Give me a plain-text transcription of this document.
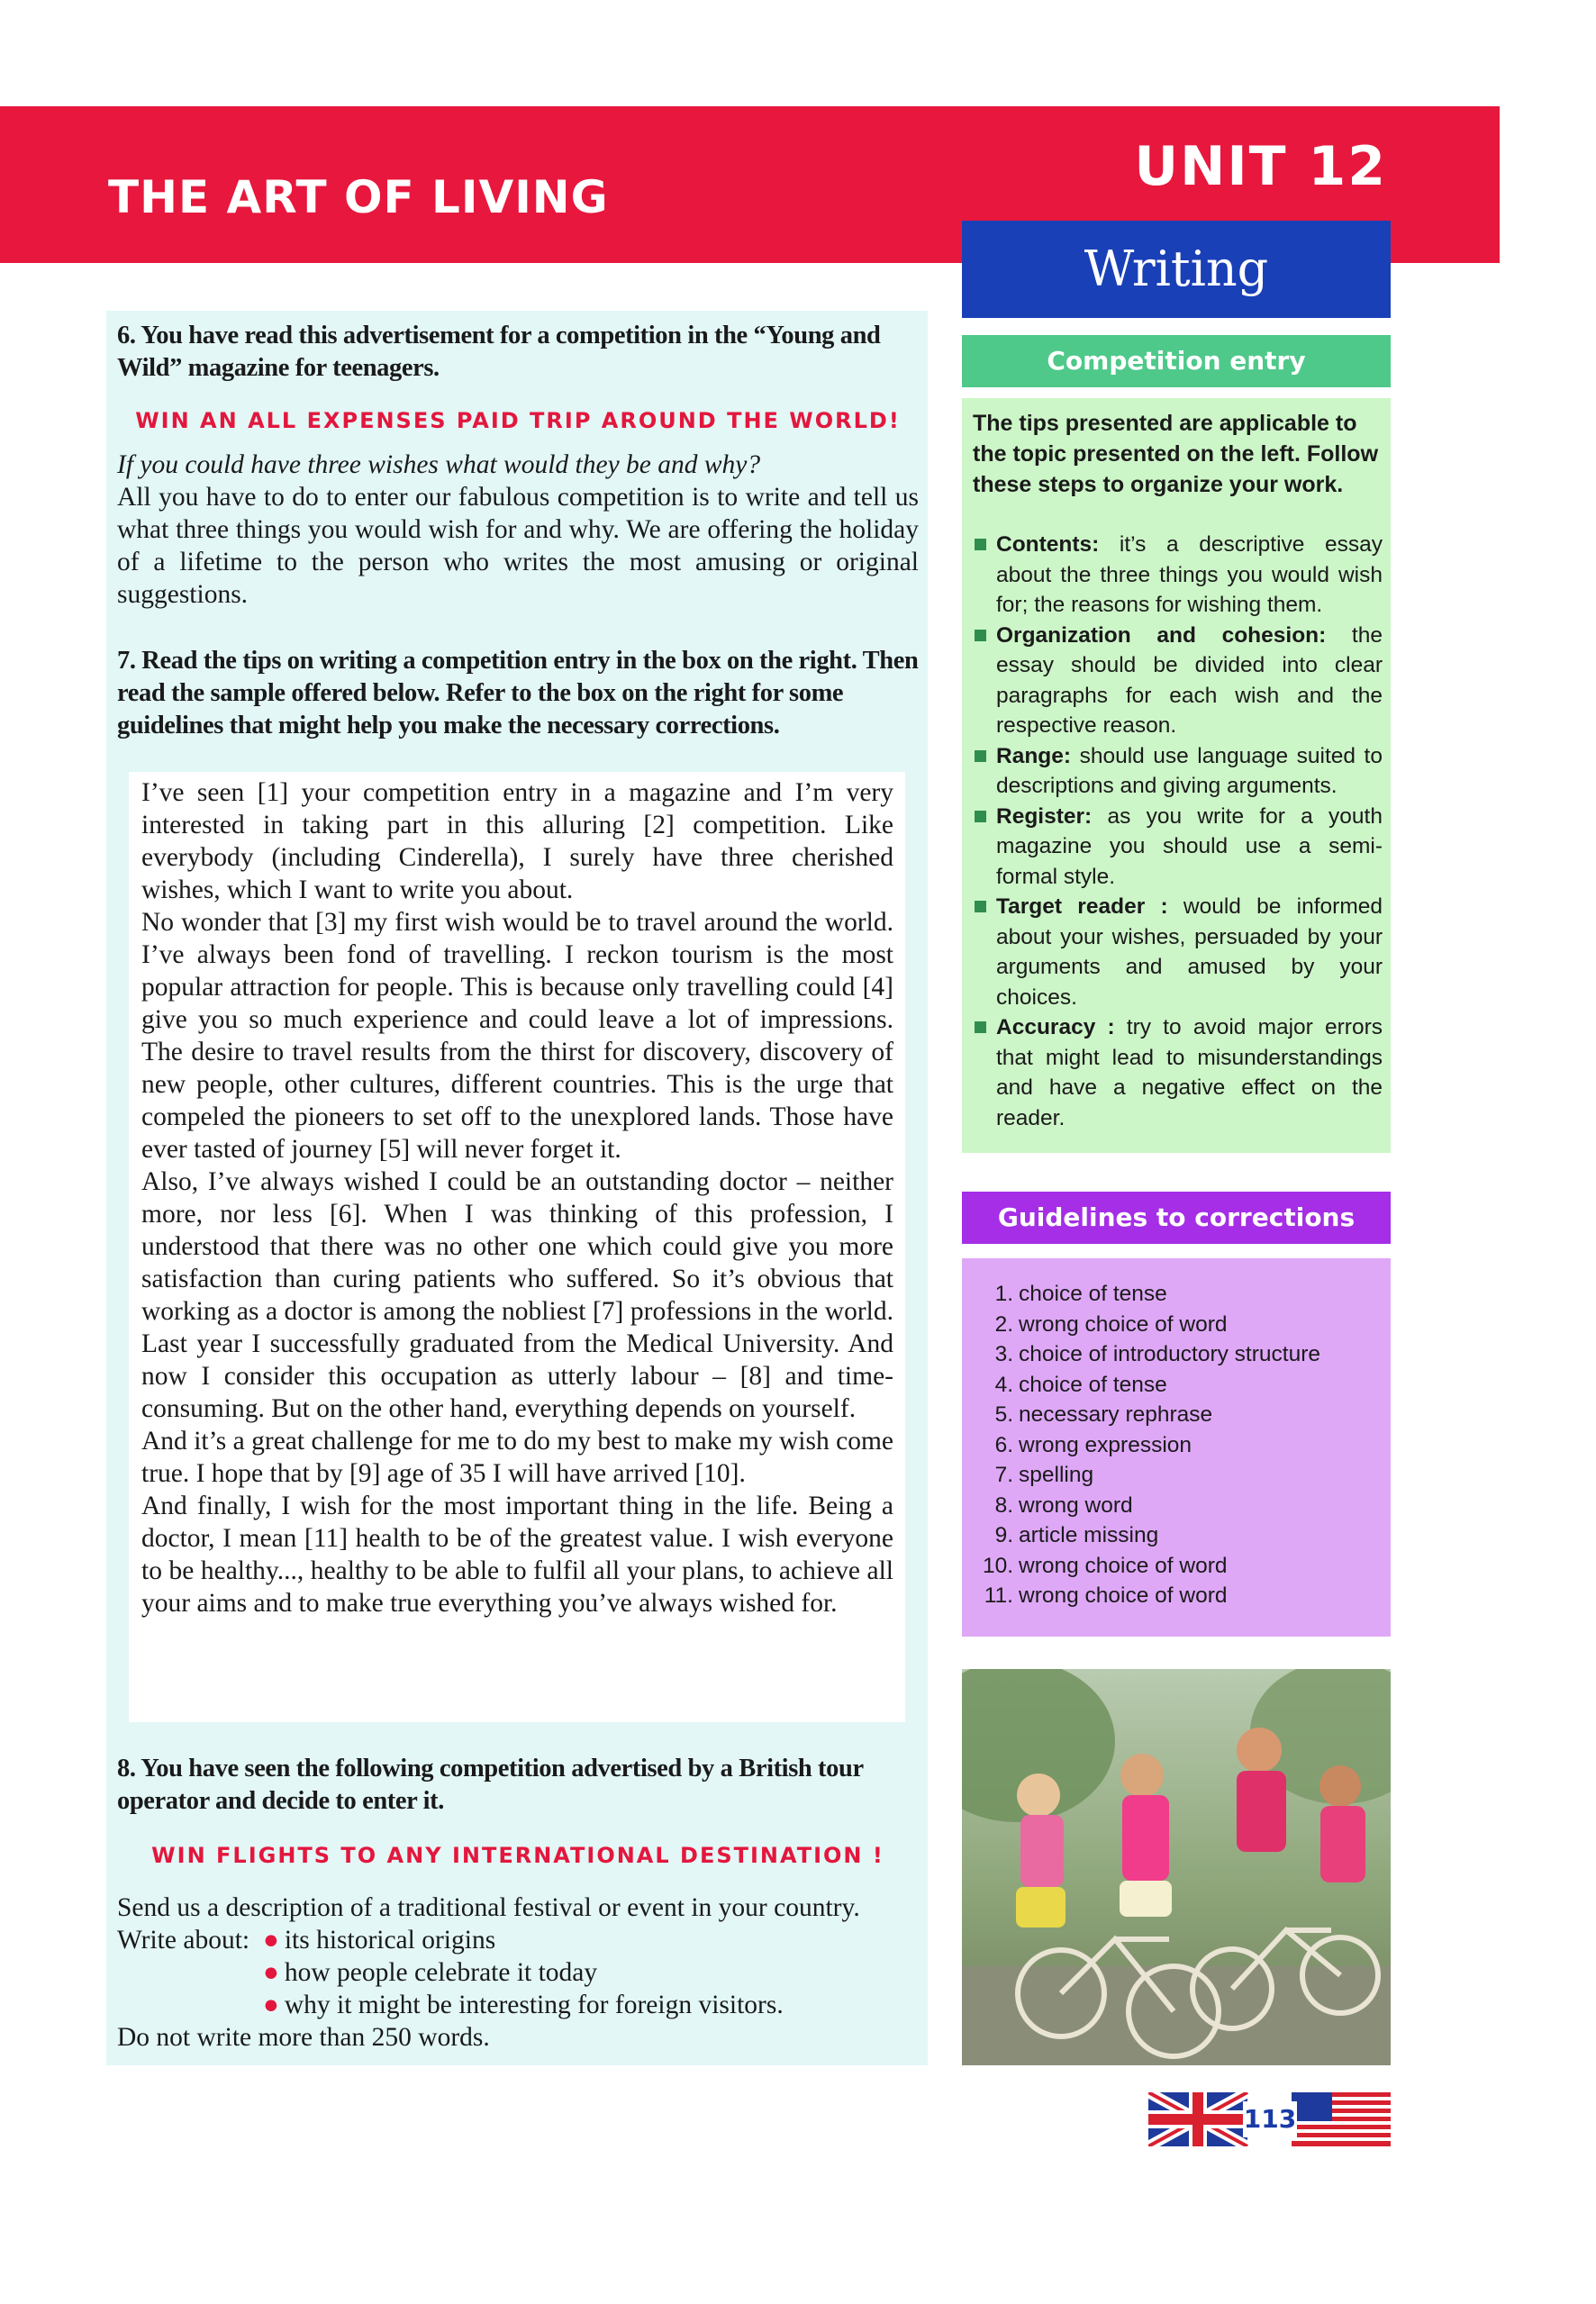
THE ART OF LIVING	UNIT 12
Writing
6. You have read this advertisement for a competition in the “Young and Wild” magazine for teenagers.
WIN AN ALL EXPENSES PAID TRIP AROUND THE WORLD!
If you could have three wishes what would they be and why?
All you have to do to enter our fabulous competition is to write and tell us what three things you would wish for and why. We are offering the holiday of a lifetime to the person who writes the most amusing or original suggestions.
7. Read the tips on writing a competition entry in the box on the right. Then read the sample offered below. Refer to the box on the right for some guidelines that might help you make the necessary corrections.

I’ve seen [1] your competition entry in a magazine and I’m very interested in taking part in this alluring [2] competition. Like everybody (including Cinderella), I surely have three cherished wishes, which I want to write you about.

No wonder that [3] my first wish would be to travel around the world. I’ve always been fond of travelling. I reckon tourism is the most popular attraction for people. This is because only travelling could [4] give you so much experience and could leave a lot of impressions. The desire to travel results from the thirst for discovery, discovery of new people, other cultures, different countries. This is the urge that compeled the pioneers to set off to the unexplored lands. Those have ever tasted of journey [5] will never forget it.

Also, I’ve always wished I could be an outstanding doctor – neither more, nor less [6]. When I was thinking of this profession, I understood that there was no other one which could give you more satisfaction than curing patients who suffered. So it’s obvious that working as a doctor is among the nobliest [7] professions in the world. Last year I successfully graduated from the Medical University. And now I consider this occupation as utterly labour – [8] and time-consuming. But on the other hand, everything depends on yourself.

And it’s a great challenge for me to do my best to make my wish come true. I hope that by [9] age of 35 I will have arrived [10].

And finally, I wish for the most important thing in the life. Being a doctor, I mean [11] health to be of the greatest value. I wish everyone to be healthy..., healthy to be able to fulfil all your plans, to achieve all your aims and to make true everything you’ve always wished for.

8. You have seen the following competition advertised by a British tour operator and decide to enter it.
WIN FLIGHTS TO ANY INTERNATIONAL DESTINATION !
Send us a description of a traditional festival or event in your country.
Write about: ● its historical origins
● how people celebrate it today
● why it might be interesting for foreign visitors.
Do not write more than 250 words.
Competition entry
The tips presented are applicable to the topic presented on the left. Follow these steps to organize your work.
Contents: it’s a descriptive essay about the three things you would wish for; the reasons for wishing them.
Organization and cohesion: the essay should be divided into clear paragraphs for each wish and the respective reason.
Range: should use language suited to descriptions and giving arguments.
Register: as you write for a youth magazine you should use a semi-formal style.
Target reader : would be informed about your wishes, persuaded by your arguments and amused by your choices.
Accuracy : try to avoid major errors that might lead to misunderstandings and have a negative effect on the reader.
Guidelines to corrections
1. choice of tense
2. wrong choice of word
3. choice of introductory structure
4. choice of tense
5. necessary rephrase
6. wrong expression
7. spelling
8. wrong word
9. article missing
10. wrong choice of word
11. wrong choice of word
113
